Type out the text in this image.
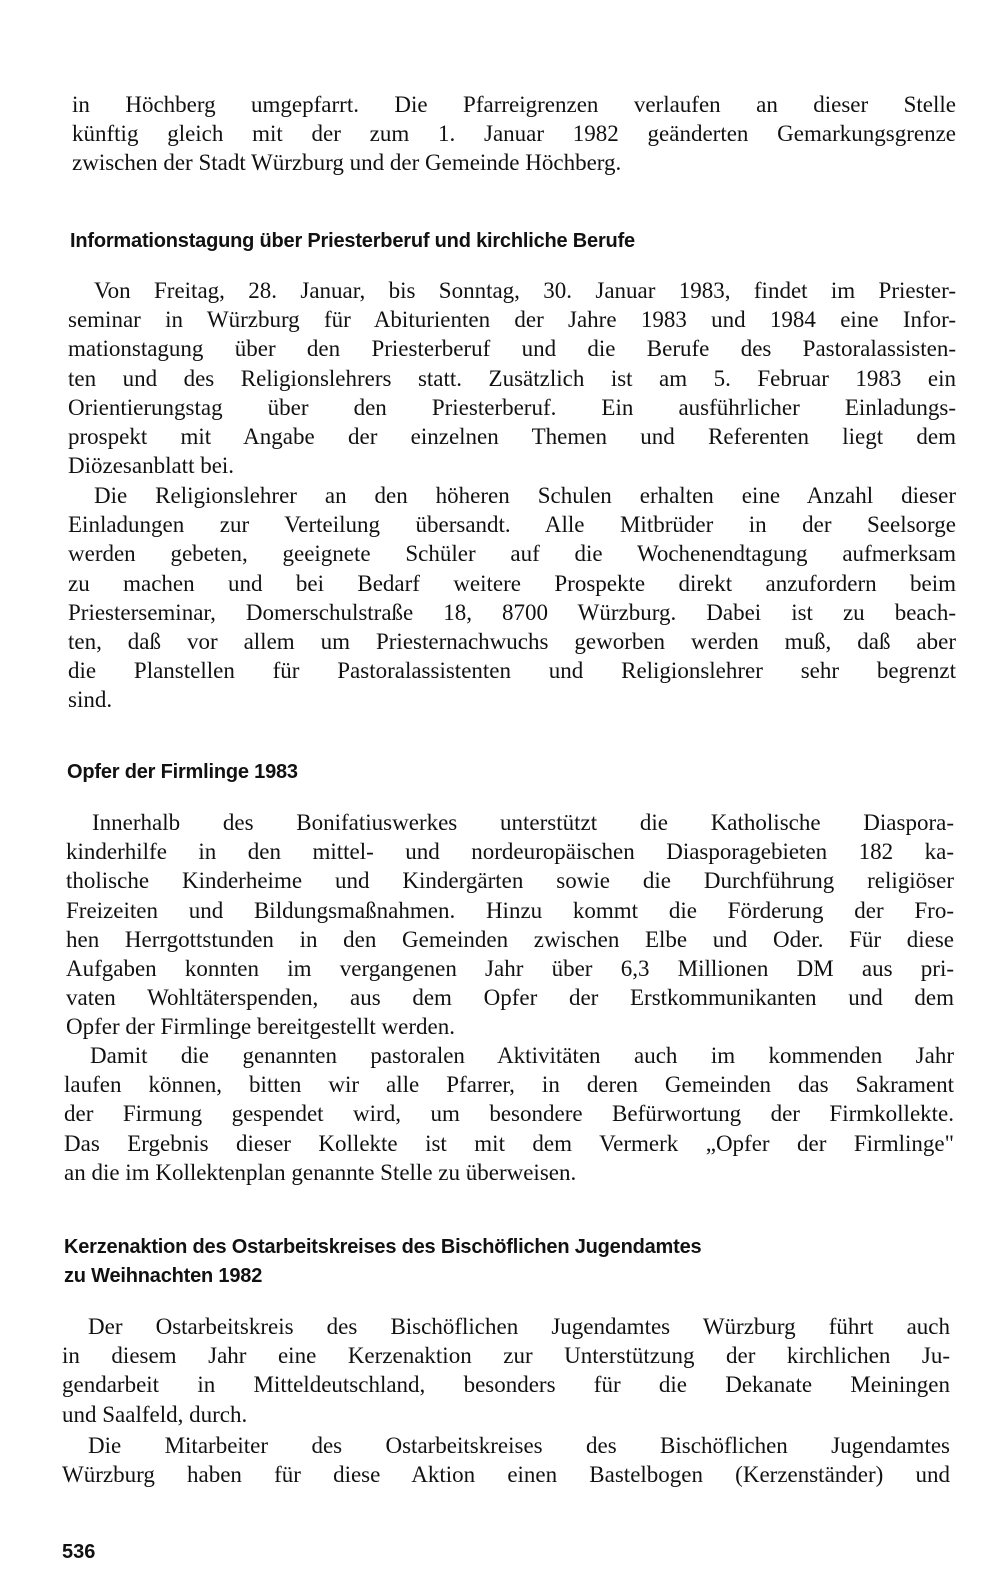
in Höchberg umgepfarrt. Die Pfarreigrenzen verlaufen an dieser Stelle
künftig gleich mit der zum 1. Januar 1982 geänderten Gemarkungsgrenze
zwischen der Stadt Würzburg und der Gemeinde Höchberg.
Informationstagung über Priesterberuf und kirchliche Berufe
Von Freitag, 28. Januar, bis Sonntag, 30. Januar 1983, findet im Priester-
seminar in Würzburg für Abiturienten der Jahre 1983 und 1984 eine Infor-
mationstagung über den Priesterberuf und die Berufe des Pastoralassisten-
ten und des Religionslehrers statt. Zusätzlich ist am 5. Februar 1983 ein
Orientierungstag über den Priesterberuf. Ein ausführlicher Einladungs-
prospekt mit Angabe der einzelnen Themen und Referenten liegt dem
Diözesanblatt bei.
Die Religionslehrer an den höheren Schulen erhalten eine Anzahl dieser
Einladungen zur Verteilung übersandt. Alle Mitbrüder in der Seelsorge
werden gebeten, geeignete Schüler auf die Wochenendtagung aufmerksam
zu machen und bei Bedarf weitere Prospekte direkt anzufordern beim
Priesterseminar, Domerschulstraße 18, 8700 Würzburg. Dabei ist zu beach-
ten, daß vor allem um Priesternachwuchs geworben werden muß, daß aber
die Planstellen für Pastoralassistenten und Religionslehrer sehr begrenzt
sind.
Opfer der Firmlinge 1983
Innerhalb des Bonifatiuswerkes unterstützt die Katholische Diaspora-
kinderhilfe in den mittel- und nordeuropäischen Diasporagebieten 182 ka-
tholische Kinderheime und Kindergärten sowie die Durchführung religiöser
Freizeiten und Bildungsmaßnahmen. Hinzu kommt die Förderung der Fro-
hen Herrgottstunden in den Gemeinden zwischen Elbe und Oder. Für diese
Aufgaben konnten im vergangenen Jahr über 6,3 Millionen DM aus pri-
vaten Wohltäterspenden, aus dem Opfer der Erstkommunikanten und dem
Opfer der Firmlinge bereitgestellt werden.
Damit die genannten pastoralen Aktivitäten auch im kommenden Jahr
laufen können, bitten wir alle Pfarrer, in deren Gemeinden das Sakrament
der Firmung gespendet wird, um besondere Befürwortung der Firmkollekte.
Das Ergebnis dieser Kollekte ist mit dem Vermerk „Opfer der Firmlinge"
an die im Kollektenplan genannte Stelle zu überweisen.
Kerzenaktion des Ostarbeitskreises des Bischöflichen Jugendamtes
zu Weihnachten 1982
Der Ostarbeitskreis des Bischöflichen Jugendamtes Würzburg führt auch
in diesem Jahr eine Kerzenaktion zur Unterstützung der kirchlichen Ju-
gendarbeit in Mitteldeutschland, besonders für die Dekanate Meiningen
und Saalfeld, durch.
Die Mitarbeiter des Ostarbeitskreises des Bischöflichen Jugendamtes
Würzburg haben für diese Aktion einen Bastelbogen (Kerzenständer) und
536
